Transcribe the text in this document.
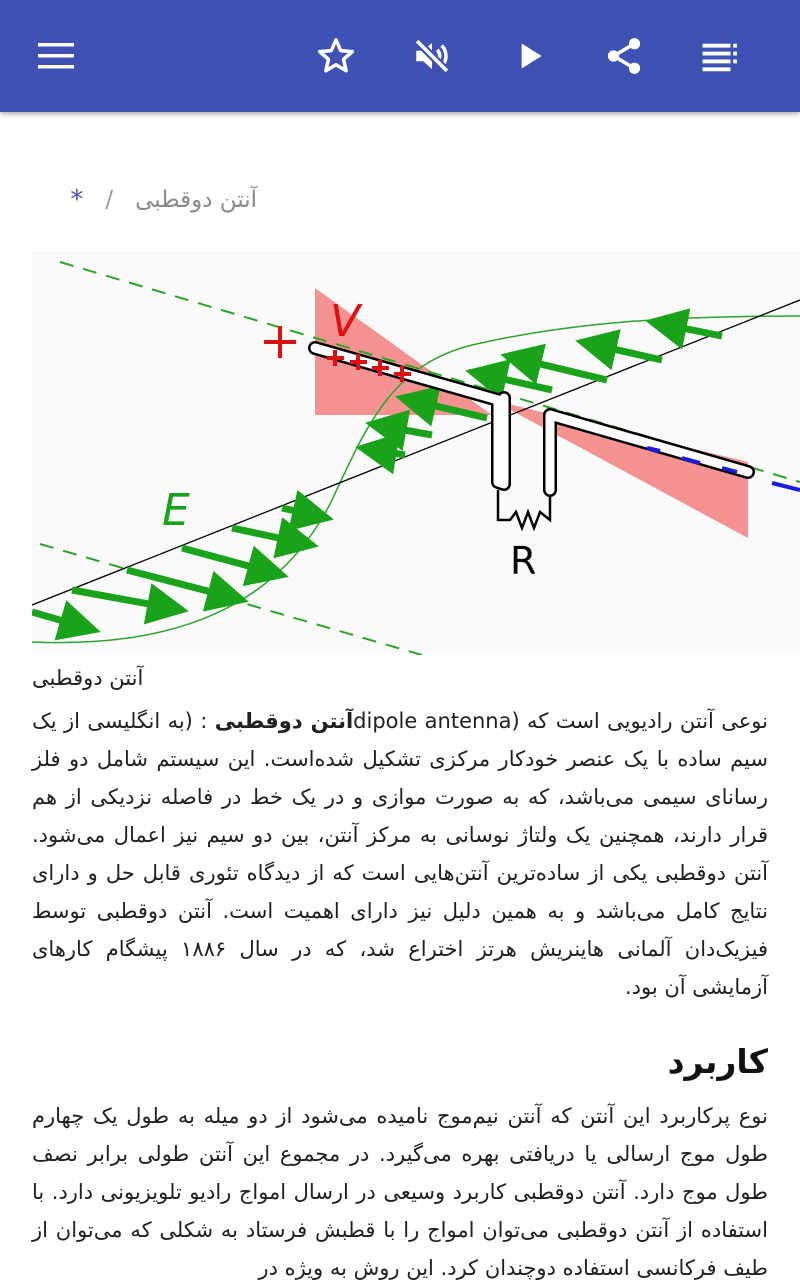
آنتن دوقطبی
/
*
V
E
R
آنتن دوقطبی
نوعی آنتن رادیویی است که (dipole antennaآنتن دوقطبی : (به انگلیسی از یک سیم ساده با یک عنصر خودکار مرکزی تشکیل شده‌است. این سیستم شامل دو فلز رسانای سیمی می‌باشد، که به صورت موازی و در یک خط در فاصله نزدیکی از هم قرار دارند، همچنین یک ولتاژ نوسانی به مرکز آنتن، بین دو سیم نیز اعمال می‌شود. آنتن دوقطبی یکی از ساده‌ترین آنتن‌هایی است که از دیدگاه تئوری قابل حل و دارای نتایج کامل می‌باشد و به همین دلیل نیز دارای اهمیت است. آنتن دوقطبی توسط فیزیک‌دان آلمانی هاینریش هرتز اختراع شد، که در سال ۱۸۸۶ پیشگام کارهای آزمایشی آن بود.
کاربرد
نوع پرکاربرد این آنتن که آنتن نیم‌موج نامیده می‌شود از دو میله به طول یک چهارم طول موج ارسالی یا دریافتی بهره می‌گیرد. در مجموع این آنتن طولی برابر نصف طول موج دارد. آنتن دوقطبی کاربرد وسیعی در ارسال امواج رادیو تلویزیونی دارد. با استفاده از آنتن دوقطبی می‌توان امواج را با قطبش فرستاد به شکلی که می‌توان از طیف فرکانسی استفاده دوچندان کرد. این روش به ویژه در
